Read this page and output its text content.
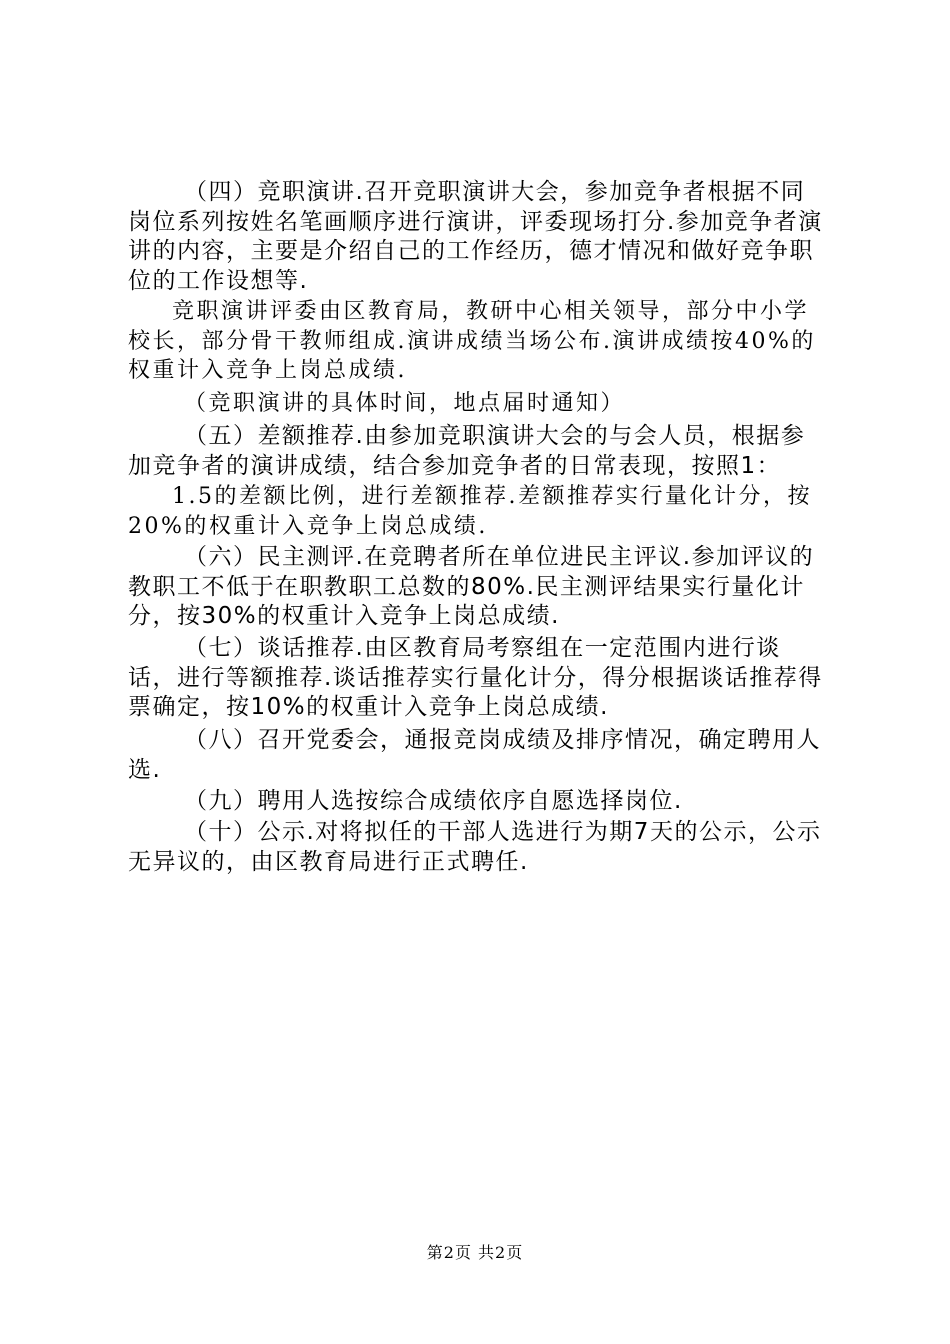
（四）竞职演讲.召开竞职演讲大会，参加竞争者根据不同岗位系列按姓名笔画顺序进行演讲，评委现场打分.参加竞争者演讲的内容，主要是介绍自己的工作经历，德才情况和做好竞争职位的工作设想等.

竞职演讲评委由区教育局，教研中心相关领导，部分中小学校长，部分骨干教师组成.演讲成绩当场公布.演讲成绩按40%的权重计入竞争上岗总成绩.

（竞职演讲的具体时间，地点届时通知）

（五）差额推荐.由参加竞职演讲大会的与会人员，根据参加竞争者的演讲成绩，结合参加竞争者的日常表现，按照1：

1.5的差额比例，进行差额推荐.差额推荐实行量化计分，按20%的权重计入竞争上岗总成绩.

（六）民主测评.在竞聘者所在单位进民主评议.参加评议的教职工不低于在职教职工总数的80%.民主测评结果实行量化计分，按30%的权重计入竞争上岗总成绩.

（七）谈话推荐.由区教育局考察组在一定范围内进行谈话，进行等额推荐.谈话推荐实行量化计分，得分根据谈话推荐得票确定，按10%的权重计入竞争上岗总成绩.

（八）召开党委会，通报竞岗成绩及排序情况，确定聘用人选.

（九）聘用人选按综合成绩依序自愿选择岗位.

（十）公示.对将拟任的干部人选进行为期7天的公示，公示无异议的，由区教育局进行正式聘任.

第2页 共2页
